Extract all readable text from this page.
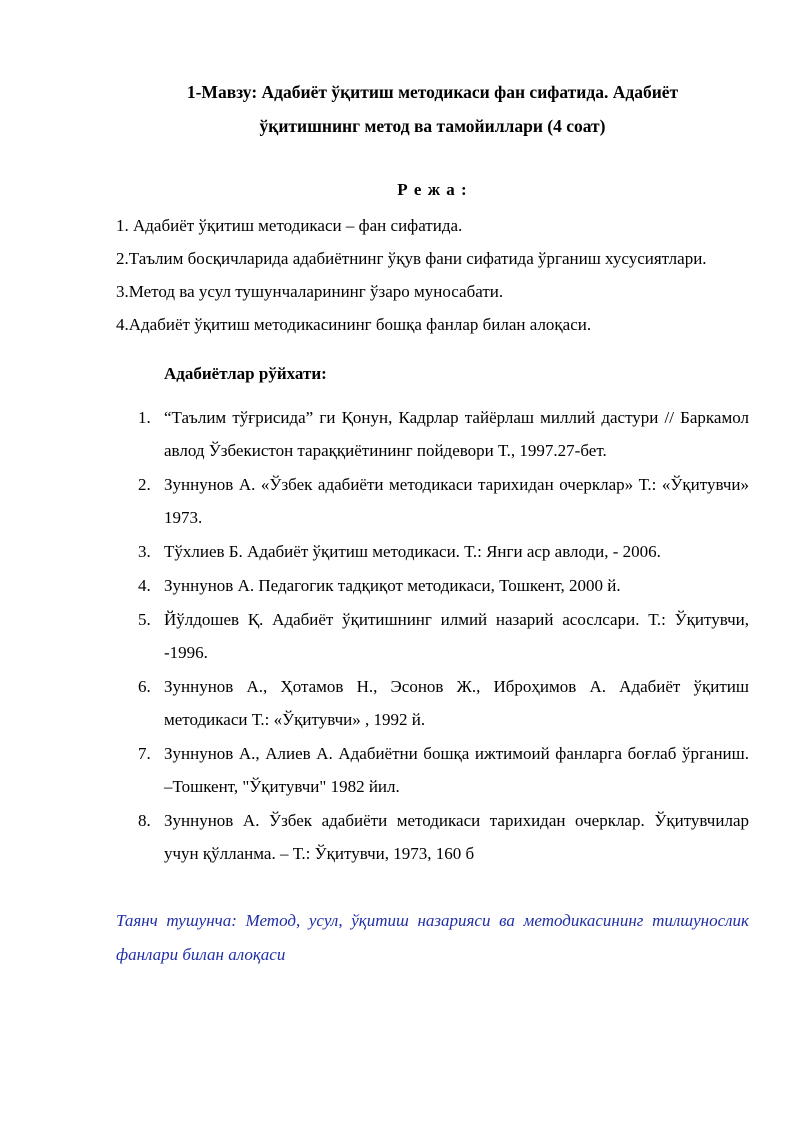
1-Мавзу: Адабиёт ўқитиш методикаси фан сифатида. Адабиёт
ўқитишнинг метод ва тамойиллари (4 соат)
Р е ж а :

1. Адабиёт ўқитиш методикаси – фан сифатида.

2.Таълим босқичларида адабиётнинг ўқув фани сифатида ўрганиш хусусиятлари.

3.Метод ва усул тушунчаларининг ўзаро муносабати.

4.Адабиёт ўқитиш методикасининг бошқа фанлар билан алоқаси.

Адабиётлар рўйхати:
1. “Таълим тўғрисида” ги Қонун, Кадрлар тайёрлаш миллий дастури // Баркамол авлод Ўзбекистон тараққиётининг пойдевори Т., 1997.27-бет.
2. Зуннунов А. «Ўзбек адабиёти методикаси тарихидан очерклар» Т.: «Ўқитувчи» 1973.
3. Тўхлиев Б. Адабиёт ўқитиш методикаси. Т.: Янги аср авлоди, - 2006.
4. Зуннунов А. Педагогик тадқиқот методикаси, Тошкент, 2000 й.
5. Йўлдошев Қ. Адабиёт ўқитишнинг илмий назарий асослсари. Т.: Ўқитувчи, -1996.
6. Зуннунов А., Ҳотамов Н., Эсонов Ж., Иброҳимов А. Адабиёт ўқитиш методикаси Т.: «Ўқитувчи» , 1992 й.
7. Зуннунов А., Алиев А. Адабиётни бошқа ижтимоий фанларга боғлаб ўрганиш. –Тошкент, "Ўқитувчи" 1982 йил.
8. Зуннунов А. Ўзбек адабиёти методикаси тарихидан очерклар. Ўқитувчилар учун қўлланма. – Т.: Ўқитувчи, 1973, 160 б

Таянч тушунча: Метод, усул, ўқитиш назарияси ва методикасининг тилшунослик фанлари билан алоқаси
